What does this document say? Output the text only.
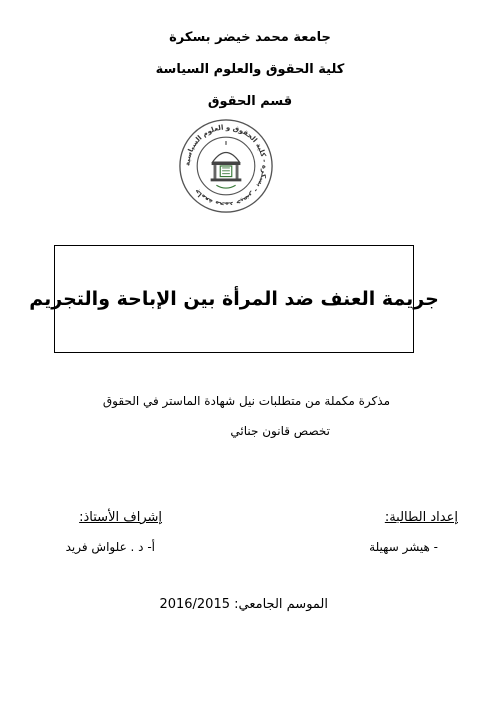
جامعة محمد خيضر بسكرة
كلية الحقوق والعلوم السياسة
قسم الحقوق
جامعة محمد خيضر - بسكرة - كلية الحقوق و العلوم السياسية
جريمة العنف ضد المرأة بين الإباحة والتجريم
مذكرة مكملة من متطلبات نيل شهادة الماستر في الحقوق
تخصص قانون جنائي
إعداد الطالبة:
إشراف الأستاذ:
- هيشر سهيلة
أ- د . علواش فريد
الموسم الجامعي: 2016/2015
